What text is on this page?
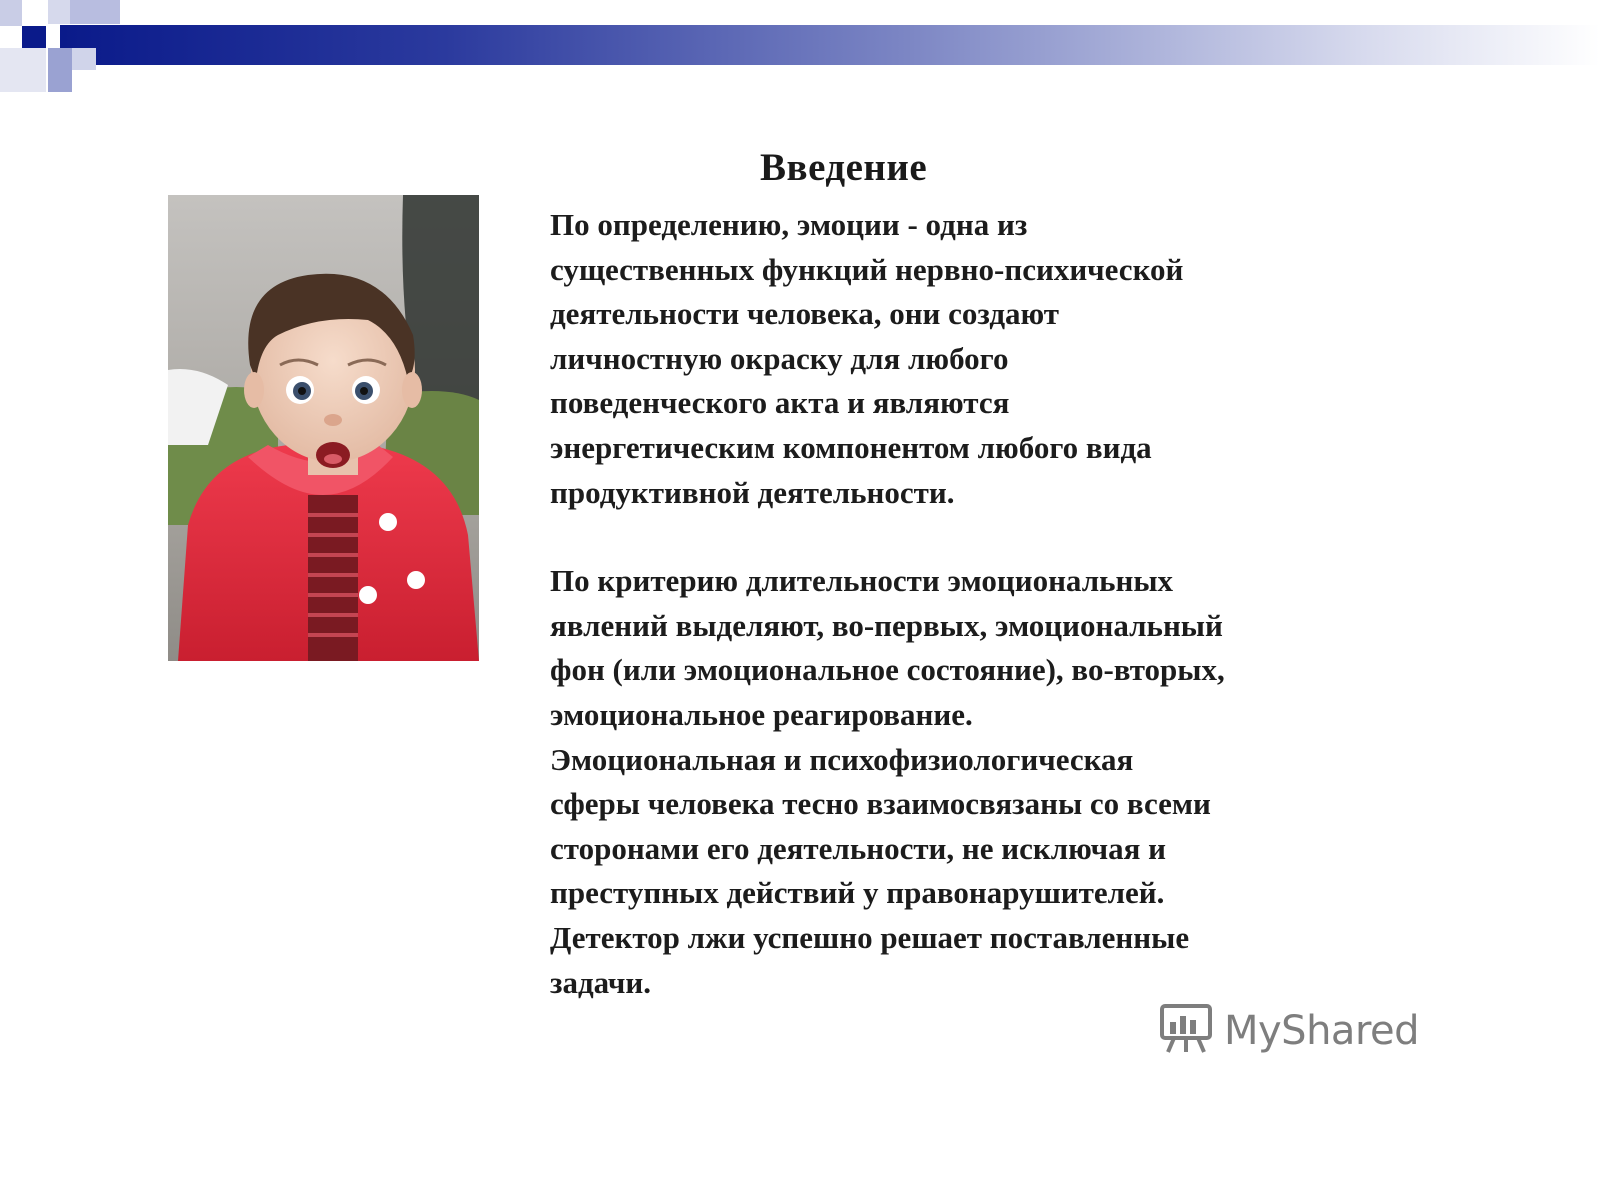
Введение
По определению, эмоции - одна из
существенных функций нервно-психической
деятельности человека, они создают
личностную окраску для любого
поведенческого акта и являются
энергетическим компонентом любого вида
продуктивной деятельности.
По критерию длительности эмоциональных
явлений выделяют, во-первых, эмоциональный
фон (или эмоциональное состояние), во-вторых,
эмоциональное реагирование.
Эмоциональная и психофизиологическая
сферы человека тесно взаимосвязаны со всеми
сторонами его деятельности, не исключая и
преступных действий у правонарушителей.
Детектор лжи успешно решает поставленные
задачи.
MyShared
